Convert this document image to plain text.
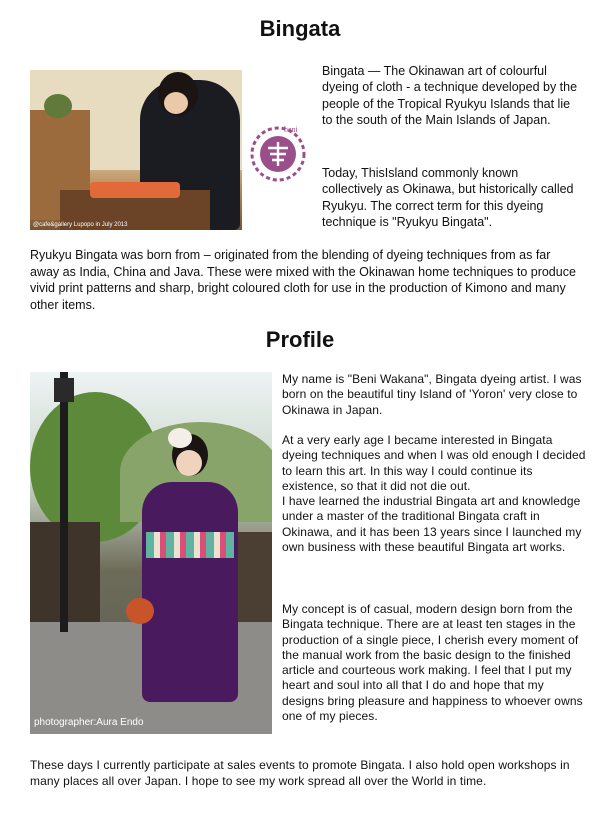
Bingata
@cafe&gallery Lupopo in July 2013
beni

Bingata — The Okinawan art of colourful dyeing of cloth - a technique developed by the people of the Tropical Ryukyu Islands that lie to the south of the Main Islands of Japan.

Today, ThisIsland commonly known collectively as Okinawa, but historically called Ryukyu. The correct term for this dyeing technique is "Ryukyu Bingata".

Ryukyu Bingata was born from – originated from the blending of dyeing techniques from as far away as India, China and Java. These were mixed with the Okinawan home techniques to produce vivid print patterns and sharp, bright coloured cloth for use in the production of Kimono and many other items.

Profile
photographer:Aura Endo

My name is "Beni Wakana", Bingata dyeing artist. I was born on the beautiful tiny Island of 'Yoron' very close to Okinawa in Japan.

At a very early age I became interested in Bingata dyeing techniques and when I was old enough I decided to learn this art. In this way I could continue its existence, so that it did not die out.
I have learned the industrial Bingata art and knowledge under a master of the traditional Bingata craft in Okinawa, and it has been 13 years since I launched my own business with these beautiful Bingata art works.

My concept is of casual, modern design born from the Bingata technique. There are at least ten stages in the production of a single piece, I cherish every moment of the manual work from the basic design to the finished article and courteous work making. I feel that I put my heart and soul into all that I do and hope that my designs bring pleasure and happiness to whoever owns one of my pieces.

These days I currently participate at sales events to promote Bingata. I also hold open workshops in many places all over Japan. I hope to see my work spread all over the World in time.
